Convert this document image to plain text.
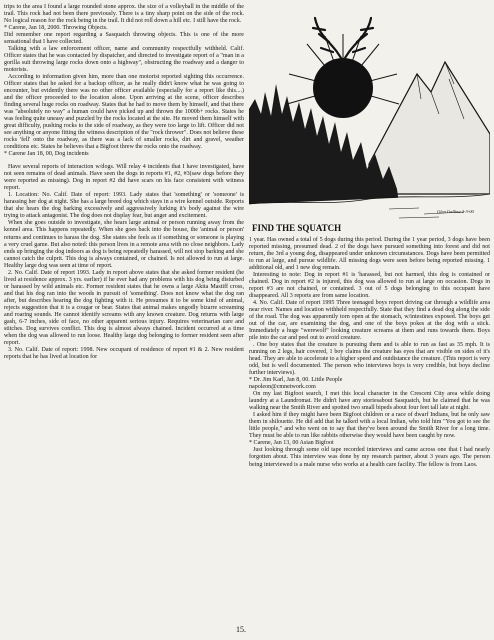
trips to the area I found a large rounded stone approx. the size of a volleyball in the middle of the trail. This rock had not been there previously. There is a tiny sharp point on the side of the rock. No logical reason for the rock being in the trail. It did not roll down a hill etc. I still have the rock.

* Carene, Jan 18, 2000. Throwing Objects.

Did remember one report regarding a Sasquatch throwing objects. This is one of the more sensational that I have collected.

Talking with a law enforcement officer, name and community respectfully withheld. Calif. Officer states that he was contacted by dispatcher, and directed to investigate report of a "man in a gorilla suit throwing large rocks down onto a highway", obstructing the roadway and a danger to motorists.

According to information given him, more than one motorist reported sighting this occurrence. Officer states that he asked for a backup officer, as he really didn't know what he was going to encounter, but evidently there was no other officer available (especially for a report like this....) and the officer proceeded to the location alone. Upon arriving at the scene, officer describes finding several huge rocks on roadway. States that he had to move them by himself, and that there was "absolutely no way" a human could have picked up and thrown the 1000b+ rocks. States he was feeling quite uneasy and puzzled by the rocks located at the site. He moved them himself with great difficulty, pushing rocks to the side of roadway, as they were too large to lift. Officer did not see anything or anyone fitting the witness description of the "rock thrower". Does not believe these rocks 'fell' onto the roadway, as there was a lack of smaller rocks, dirt and gravel, weather conditions etc. States he believes that a Bigfoot threw the rocks onto the roadway.

* Carene Jan 18, 00, Dog incidents

Have several reports of interaction w/dogs. Will relay 4 incidents that I have investigated, have not seen remains of dead animals. Have seen the dogs in reports #1, #2, #3(saw dogs before they were reported as missing). Dog in report #2 did have scars on his face consistent with witness report.

1. Location: No. Calif. Date of report: 1993. Lady states that 'something' or 'someone' is harassing her dog at night. She has a large breed dog which stays in a wire kennel outside. Reports that she hears the dog barking excessively and aggressively lurking it's body against the wire trying to attack antagonist. The dog does not display fear, but anger and excitement.

When she goes outside to investigate, she hears large animal or person running away from the kennel area. This happens repeatedly. When she goes back into the house, the 'animal or person' returns and continues to harass the dog. She states she feels as if something or someone is playing a very cruel game. But also noted: this person lives in a remote area with no close neighbors. Lady ends up bringing the dog indoors as dog is being repeatedly harassed, will not stop barking and she cannot catch the culprit. This dog is always contained, or chained. Is not allowed to run at large. Healthy large dog was seen at time of report.

2. No. Calif. Date of report 1993. Lady in report above states that she asked former resident (he lived at residence approx. 3 yrs. earlier) if he ever had any problems with his dog being disturbed or harassed by wild animals etc. Former resident states that he owns a large Akita Mastiff cross, and that his dog ran into the woods in pursuit of 'something'. Does not know what the dog ran after, but describes hearing the dog fighting with it. He presumes it to be some kind of animal, rejects suggestion that it is a cougar or bear. States that animal makes ungodly bizarre screaming and roaring sounds. He cannot identify screams with any known creature. Dog returns with large gash, 6-7 inches, side of face, no other apparent serious injury. Requires veterinarian care and stitches. Dog survives conflict. This dog is almost always chained. Incident occurred at a time when the dog was allowed to run loose. Healthy large dog belonging to former resident seen after report.

3. No. Calif. Date of report: 1998. New occupant of residence of report #1 & 2. New resident reports that he has lived at location for

Glen Gallina 2-3-00
FIND THE SQUATCH

1 year. Has owned a total of 5 dogs during this period. During the 1 year period, 3 dogs have been reported missing, presumed dead. 2 of the dogs have pursued something into forest and did not return, the 3rd a young dog, disappeared under unknown circumstances. Dogs have been permitted to run at large, and pursue wildlife. All missing dogs were seen before being reported missing. 1 additional old, and 1 new dog remain.

Interesting to note: Dog in report #1 is 'harassed, but not harmed, this dog is contained or chained. Dog in report #2 is injured, this dog was allowed to run at large on occasion. Dogs in report #3 are not chained, or contained. 3 out of 5 dogs belonging to this occupant have disappeared. All 3 reports are from same location.

4. No. Calif. Date of report 1995 Three teenaged boys report driving car through a wildlife area near river. Names and location withheld respectfully. State that they find a dead dog along the side of the road. The dog was apparently torn open at the stomach, w/intestines exposed. The boys get out of the car, are examining the dog, and one of the boys pokes at the dog with a stick. Immediately a huge "werewolf" looking creature screams at them and runs towards them. Boys pile into the car and peel out to avoid creature.

. One boy states that the creature is pursuing them and is able to run as fast as 35 mph. It is running on 2 legs, hair covered, 1 boy claims the creature has eyes that are visible on sides of it's head. They are able to accelerate to a higher speed and outdistance the creature. (This report is very odd, but is well documented. The person who interviews boys is very credible, but boys decline further interviews).

* Dr. Jim Karl, Jan 8, 00. Little People

napoleon@cmnetwork.com

On my last Bigfoot search, I met this local character in the Crescent City area while doing laundry at a Laundromat. He didn't have any storiesabout Sasquatch, but he claimed that he was walking near the Smith River and spotted two small bipeds about four feet tall late at night.

I asked him if they might have been Bigfoot children or a race of dwarf Indians, but he only saw them in shilouette. He did add that he talked with a local Indian, who told him "You got to see the little people," and who went on to say that they've been around the Smith River for a long time. They must be able to run like rabbits otherwise they would have been caught by now.

* Carene, Jan 13, 00 Asian Bigfoot

Just looking through some old tape recorded interviews and came across one that I had nearly forgotten about. This interview was done by my research partner, about 3 years ago. The person being interviewed is a male nurse who works at a health care facility. The fellow is from Laos.

15.
